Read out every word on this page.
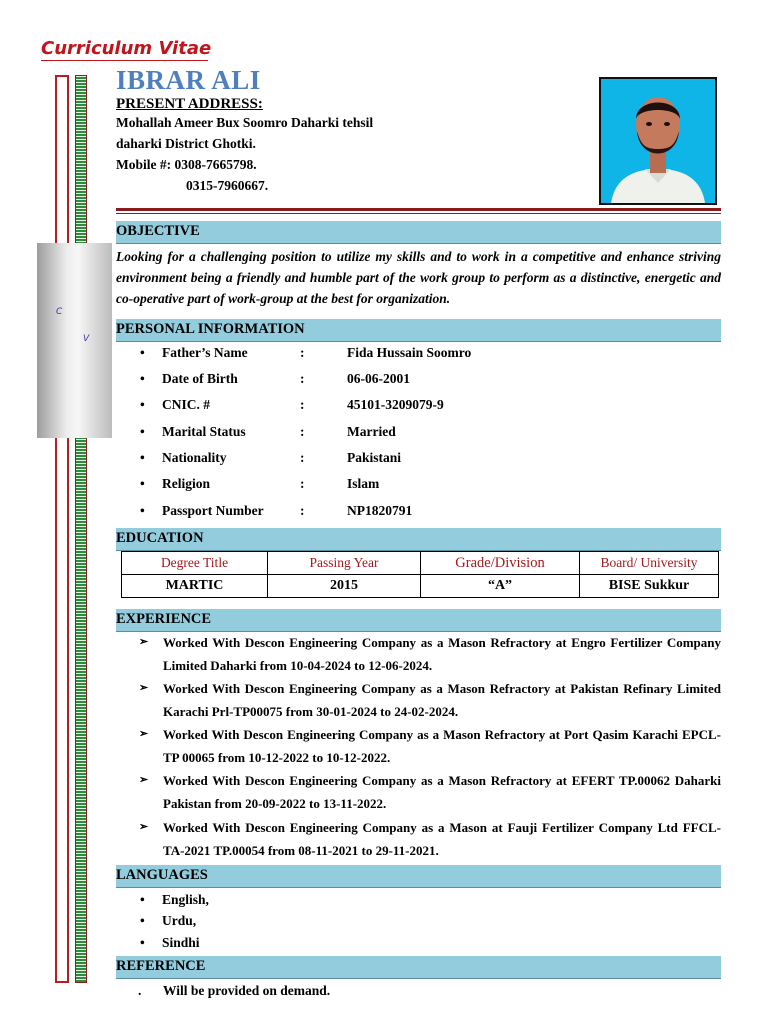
Curriculum Vitae
C
V
IBRAR ALI
PRESENT ADDRESS:
Mohallah Ameer Bux Soomro Daharki tehsil
daharki District Ghotki.
Mobile #: 0308-7665798.
0315-7960667.
OBJECTIVE
Looking for a challenging position to utilize my skills and to work in a competitive and enhance striving environment being a friendly and humble part of the work group to perform as a distinctive, energetic and co-operative part of work-group at the best for organization.
PERSONAL INFORMATION
• Father’s Name	:	Fida Hussain Soomro
• Date of Birth	:	06-06-2001
• CNIC. #	:	45101-3209079-9
• Marital Status	:	Married
• Nationality	:	Pakistani
• Religion	:	Islam
• Passport Number	:	NP1820791
EDUCATION
Degree Title	Passing Year	Grade/Division	Board/ University
MARTIC	2015	“A”	BISE Sukkur
EXPERIENCE
➢ Worked With Descon Engineering Company as a Mason Refractory at Engro Fertilizer Company Limited Daharki from 10-04-2024 to 12-06-2024.
➢ Worked With Descon Engineering Company as a Mason Refractory at Pakistan Refinary Limited Karachi Prl-TP00075 from 30-01-2024 to 24-02-2024.
➢ Worked With Descon Engineering Company as a Mason Refractory at Port Qasim Karachi EPCL-TP 00065 from 10-12-2022 to 10-12-2022.
➢ Worked With Descon Engineering Company as a Mason Refractory at EFERT TP.00062 Daharki Pakistan from 20-09-2022 to 13-11-2022.
➢ Worked With Descon Engineering Company as a Mason at Fauji Fertilizer Company Ltd FFCL-TA-2021 TP.00054 from 08-11-2021 to 29-11-2021.
LANGUAGES
• English,
• Urdu,
• Sindhi
REFERENCE
. Will be provided on demand.
